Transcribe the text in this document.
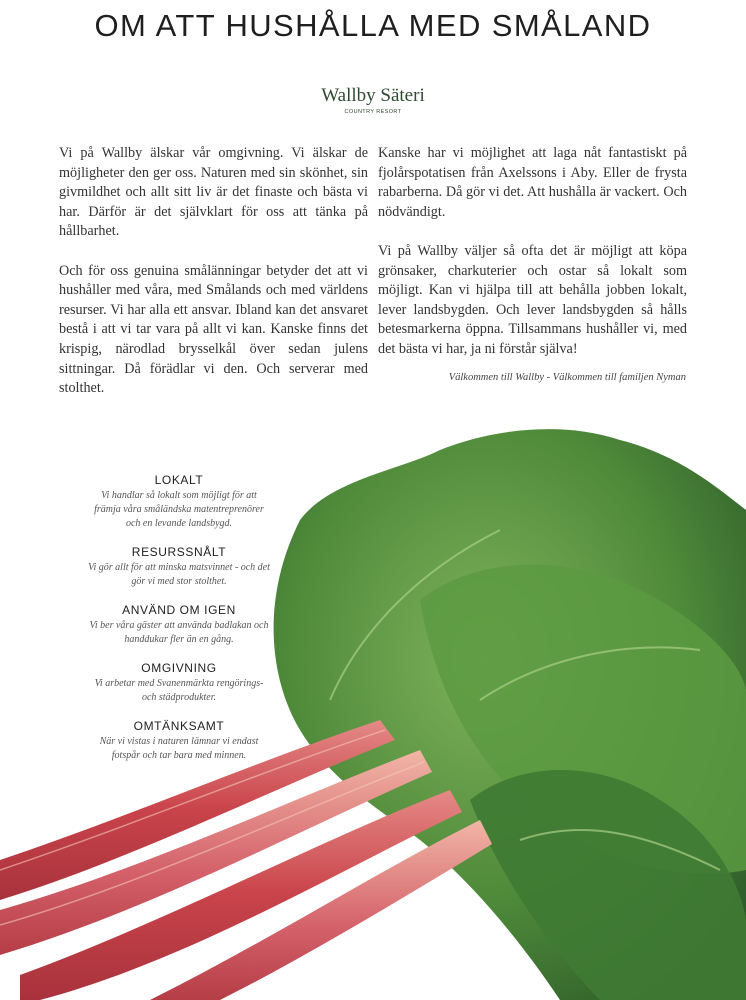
OM ATT HUSHÅLLA MED SMÅLAND
Wallby Säteri
COUNTRY RESORT

Vi på Wallby älskar vår omgivning. Vi älskar de möjligheter den ger oss. Naturen med sin skönhet, sin givmildhet och allt sitt liv är det finaste och bästa vi har. Därför är det självklart för oss att tänka på hållbarhet.

Och för oss genuina smålänningar betyder det att vi hushåller med våra, med Smålands och med världens resurser. Vi har alla ett ansvar. Ibland kan det ansvaret bestå i att vi tar vara på allt vi kan. Kanske finns det krispig, närodlad brysselkål över sedan julens sittningar. Då förädlar vi den. Och serverar med stolthet.

Kanske har vi möjlighet att laga nåt fantastiskt på fjolårspotatisen från Axelssons i Aby. Eller de frysta rabarberna. Då gör vi det. Att hushålla är vackert. Och nödvändigt.

Vi på Wallby väljer så ofta det är möjligt att köpa grönsaker, charkuterier och ostar så lokalt som möjligt. Kan vi hjälpa till att behålla jobben lokalt, lever landsbygden. Och lever landsbygden så hålls betesmarkerna öppna. Tillsammans hushåller vi, med det bästa vi har, ja ni förstår själva!

Välkommen till Wallby - Välkommen till familjen Nyman
LOKALT

Vi handlar så lokalt som möjligt för att främja våra småländska matentreprenörer och en levande landsbygd.

RESURSSNÅLT

Vi gör allt för att minska matsvinnet - och det gör vi med stor stolthet.

ANVÄND OM IGEN

Vi ber våra gäster att använda badlakan och handdukar fler än en gång.

OMGIVNING

Vi arbetar med Svanenmärkta rengörings- och städprodukter.

OMTÄNKSAMT

När vi vistas i naturen lämnar vi endast fotspår och tar bara med minnen.
